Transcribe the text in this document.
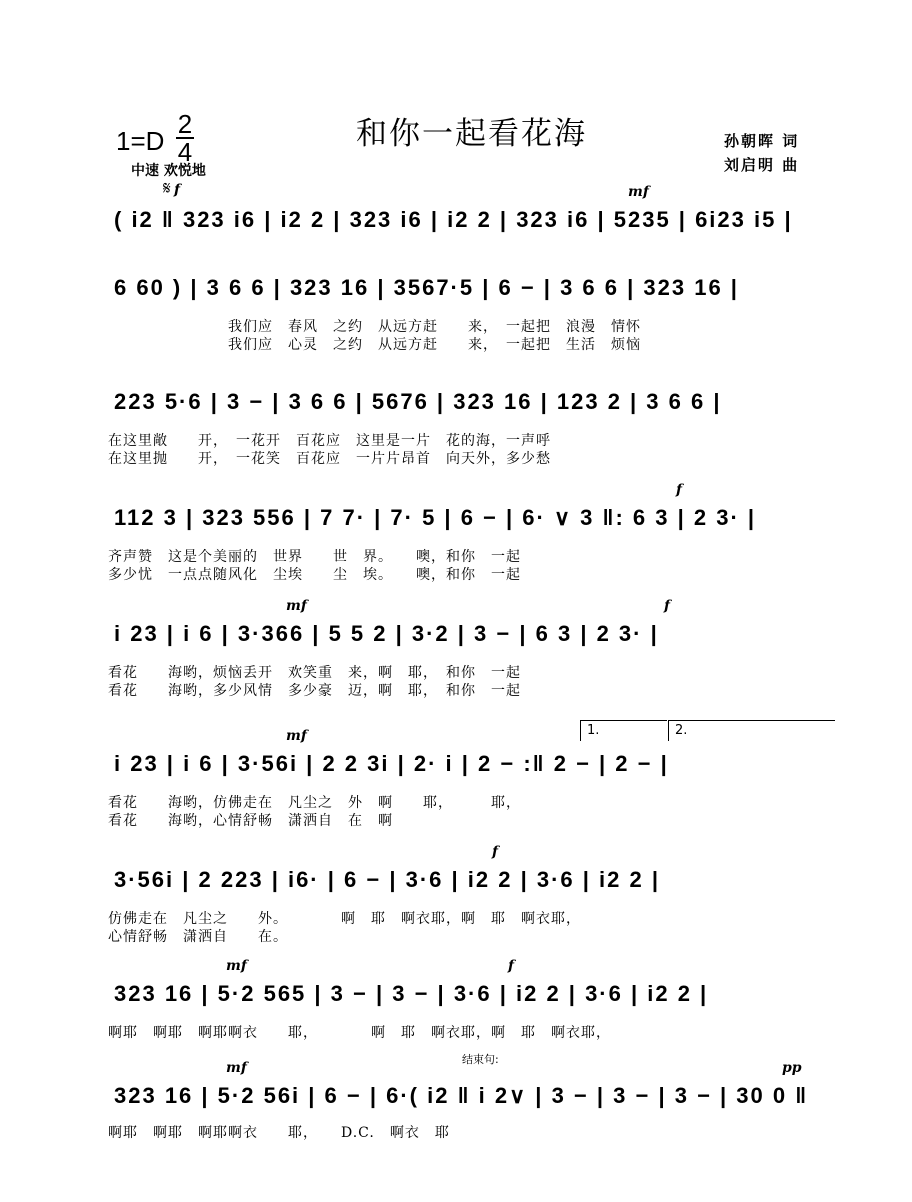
1=D
2
4
中速 欢悦地
和你一起看花海	孙朝晖 词
刘启明 曲
𝄋
( i2 ‖ 323 i6 | i2 2 | 323 i6 | i2 2 | 323 i6 | 5235 | 6i23 i5 |
f	mf
6 60 ) | 3 6 6 | 323 16 | 3567·5 | 6 − | 3 6 6 | 323 16 |
我们应　春风　之约　从远方赶　　来，　一起把　浪漫　情怀
我们应　心灵　之约　从远方赶　　来，　一起把　生活　烦恼
223 5·6 | 3 − | 3 6 6 | 5676 | 323 16 | 123 2 | 3 6 6 |
在这里敞　　开，　一花开　百花应　这里是一片　花的海，一声呼
在这里抛　　开，　一花笑　百花应　一片片昂首　向天外，多少愁
112 3 | 323 556 | 7 7· | 7· 5 | 6 − | 6· ∨ 3 ‖: 6 3 | 2 3· |
f
齐声赞　这是个美丽的　世界　　世　界。　　噢，和你　一起
多少忧　一点点随风化　尘埃　　尘　埃。　　噢，和你　一起
i 23 | i 6 | 3·366 | 5 5 2 | 3·2 | 3 − | 6 3 | 2 3· |
mf	f
看花　　海哟，烦恼丢开　欢笑重　来，啊　耶，　和你　一起
看花　　海哟，多少风情　多少豪　迈，啊　耶，　和你　一起
1.	2.
i 23 | i 6 | 3·56i | 2 2 3i | 2· i | 2 − :‖ 2 − | 2 − |
mf
看花　　海哟，仿佛走在　凡尘之　外　啊　　耶，　　　耶，
看花　　海哟，心情舒畅　潇洒自　在　啊
3·56i | 2 223 | i6· | 6 − | 3·6 | i2 2 | 3·6 | i2 2 |
f
仿佛走在　凡尘之　　外。　　　　啊　耶　啊衣耶，啊　耶　啊衣耶，
心情舒畅　潇洒自　　在。
323 16 | 5·2 565 | 3 − | 3 − | 3·6 | i2 2 | 3·6 | i2 2 |
mf	f
啊耶　啊耶　啊耶啊衣　　耶，　　　　啊　耶　啊衣耶，啊　耶　啊衣耶，
323 16 | 5·2 56i | 6 − | 6·( i2 ‖ i 2∨ | 3 − | 3 − | 3 − | 30 0 ‖
mf	pp
啊耶　啊耶　啊耶啊衣　　耶，　　D.C.　啊衣　耶
结束句:
